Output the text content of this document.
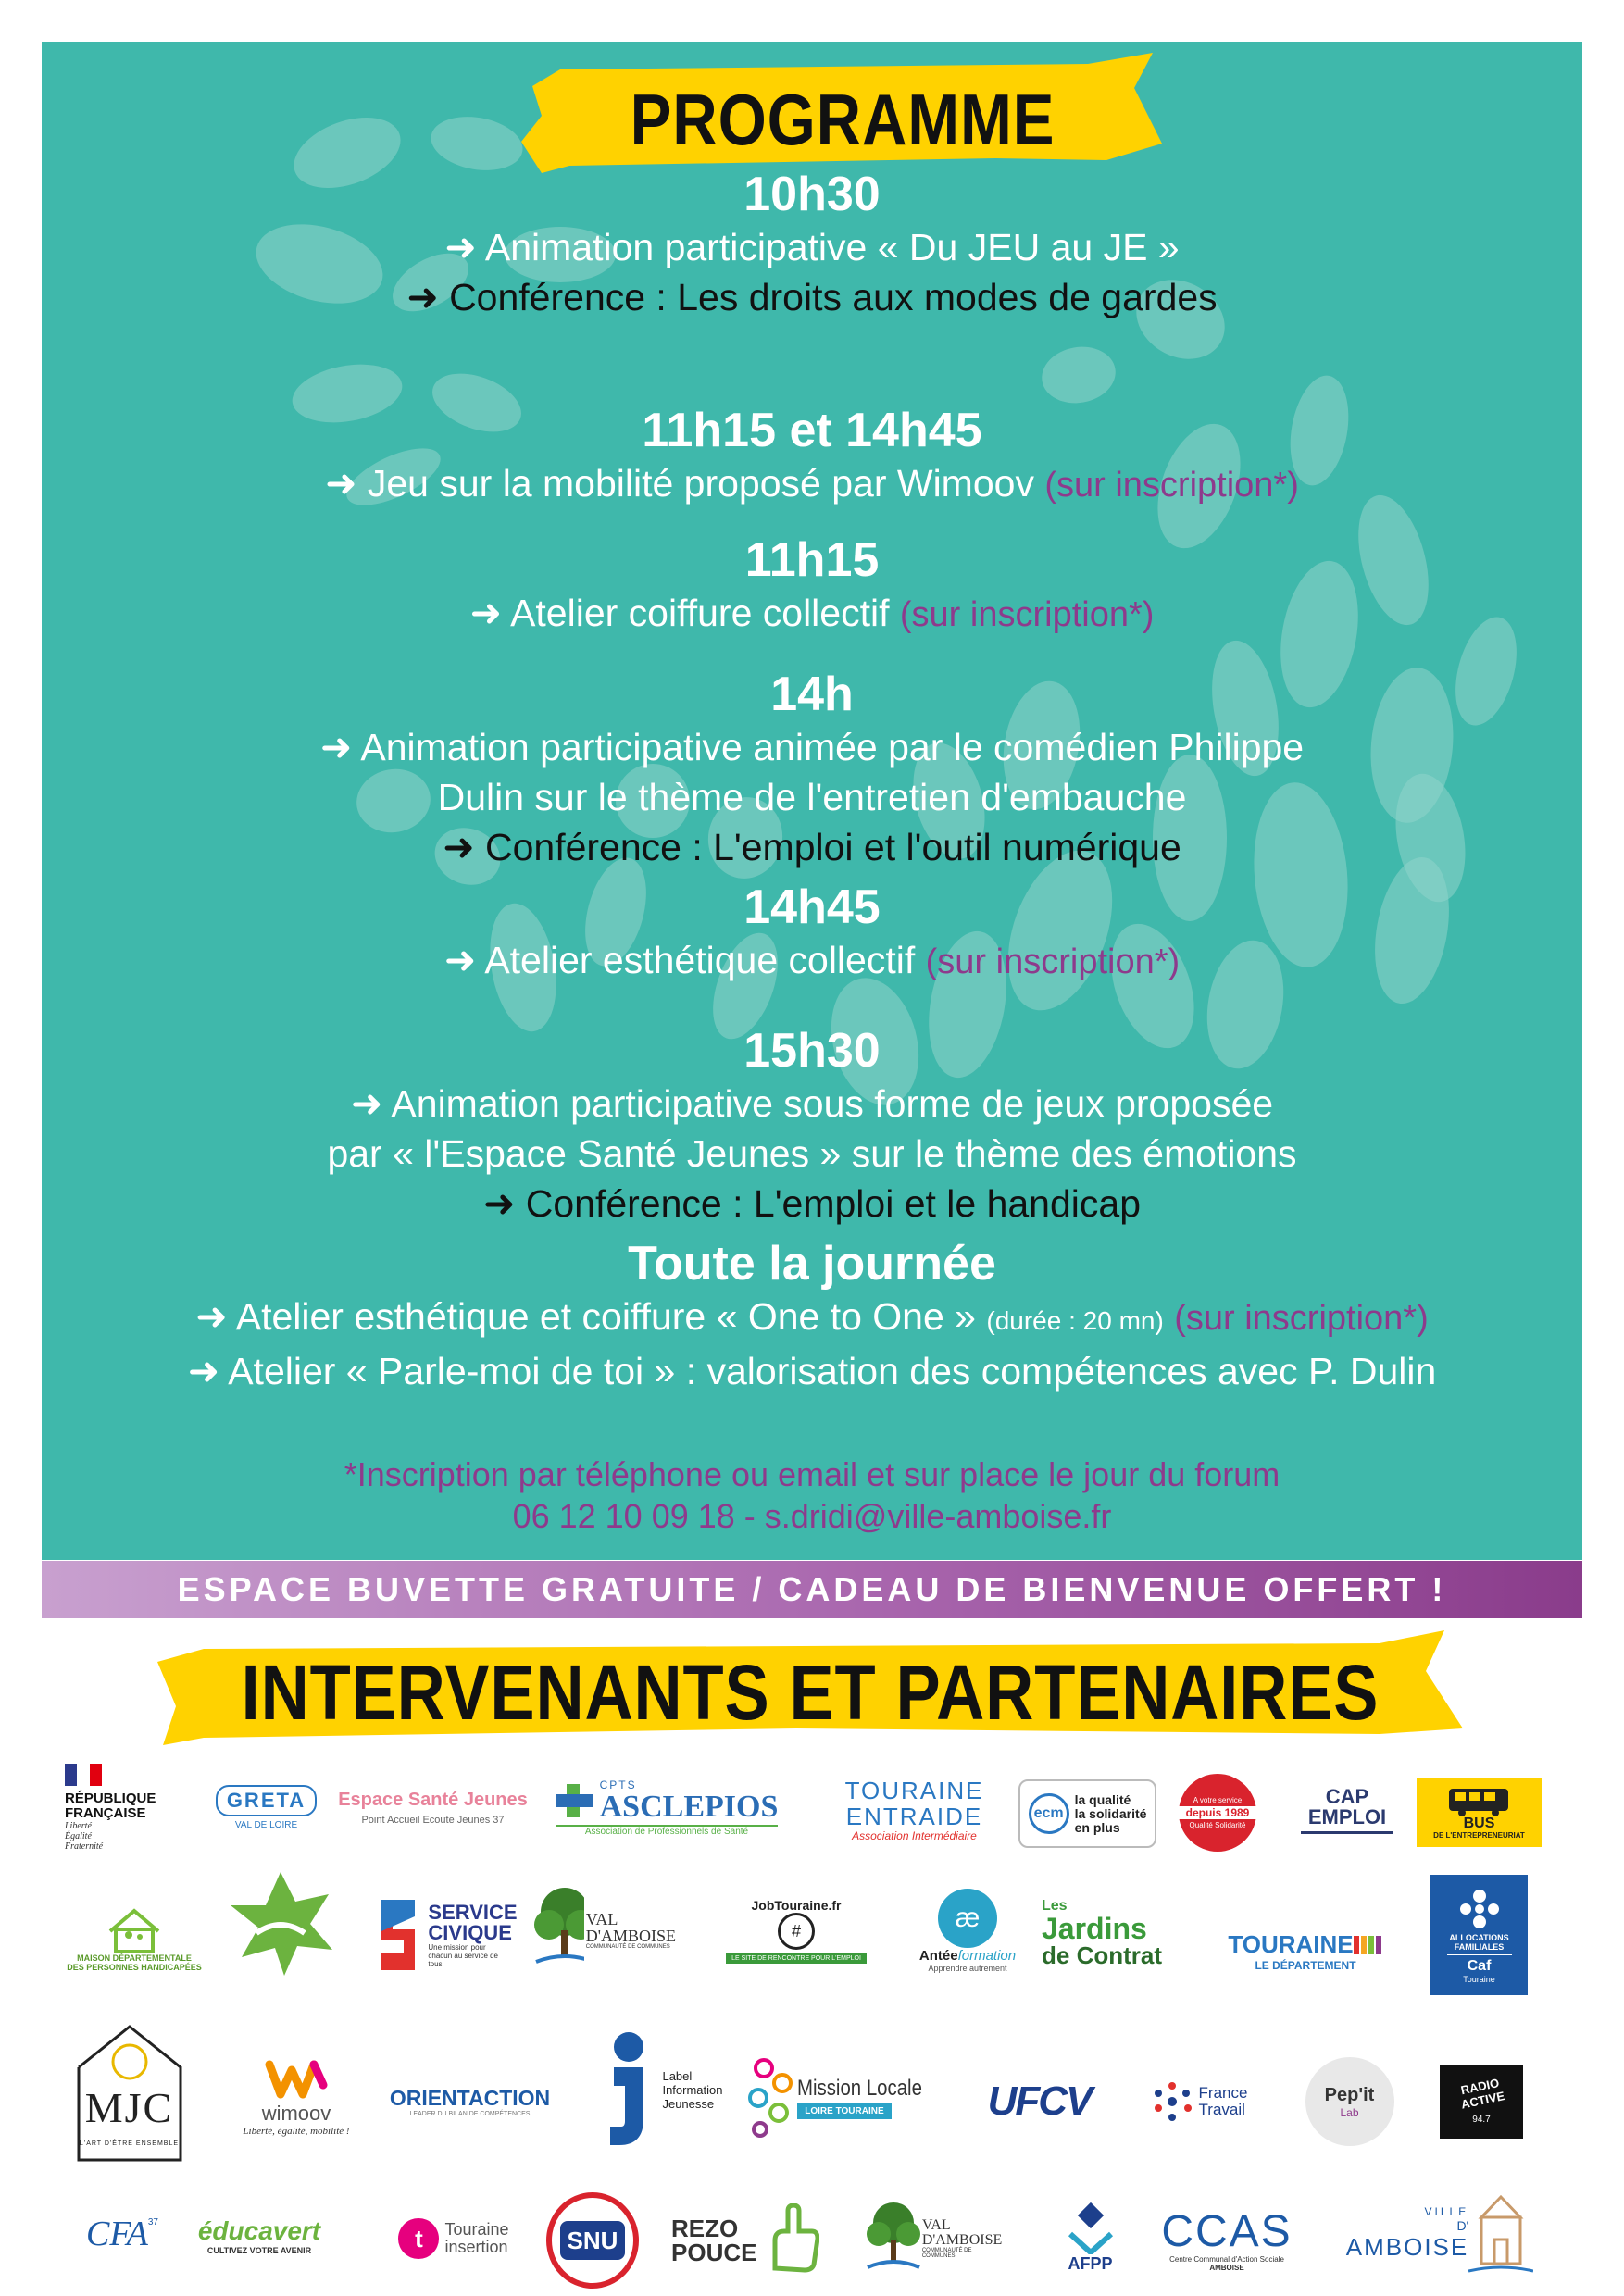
PROGRAMME
10h30
➜ Animation participative « Du JEU au JE »
➜ Conférence : Les droits aux modes de gardes
11h15 et 14h45
➜ Jeu sur la mobilité proposé par Wimoov (sur inscription*)
11h15
➜ Atelier coiffure collectif (sur inscription*)
14h
➜ Animation participative animée par le comédien Philippe
Dulin sur le thème de l'entretien d'embauche
➜ Conférence : L'emploi et l'outil numérique
14h45
➜ Atelier esthétique collectif (sur inscription*)
15h30
➜ Animation participative sous forme de jeux proposée
par « l'Espace Santé Jeunes » sur le thème des émotions
➜ Conférence : L'emploi et le handicap
Toute la journée
➜ Atelier esthétique et coiffure « One to One » (durée : 20 mn) (sur inscription*)
➜ Atelier « Parle-moi de toi » : valorisation des compétences avec P. Dulin
*Inscription par téléphone ou email et sur place le jour du forum
06 12 10 09 18 - s.dridi@ville-amboise.fr
ESPACE BUVETTE GRATUITE / CADEAU DE BIENVENUE OFFERT !
INTERVENANTS ET PARTENAIRES
RÉPUBLIQUE
FRANÇAISE
Liberté
Égalité
Fraternité
GRETA
VAL DE LOIRE
Espace Santé Jeunes
Point Accueil Ecoute Jeunes 37
CPTS
ASCLEPIOS
Association de Professionnels de Santé
TOURAINE
ENTRAIDE
Association Intermédiaire
ecm
la qualité
la solidarité
en plus
A votre service
depuis 1989
Qualité Solidarité
CAP
EMPLOI	BUS
DE L'ENTREPRENEURIAT
MAISON DÉPARTEMENTALE
DES PERSONNES HANDICAPÉES
SERVICE
CIVIQUE
Une mission pour chacun au service de tous
VAL
D'AMBOISE
COMMUNAUTÉ DE COMMUNES
JobTouraine.fr
#
LE SITE DE RENCONTRE POUR L'EMPLOI
æ
Antéeformation
Apprendre autrement
Les
Jardins
de Contrat	TOURAINE
LE DÉPARTEMENT
ALLOCATIONS
FAMILIALES
Caf
Touraine
MJC
L'ART D'ÊTRE ENSEMBLE
wimoov
Liberté, égalité, mobilité !
ORIENTACTION
LEADER DU BILAN DE COMPÉTENCES
Label
Information
Jeunesse
Mission Locale
LOIRE TOURAINE	UFCV	France
Travail
Pep'it
Lab
RADIO ACTIVE
94.7
CFA 37 éducavert
CULTIVEZ VOTRE AVENIR	t	Touraine
insertion SNU REZO
POUCE
VAL
D'AMBOISE
COMMUNAUTÉ DE COMMUNES	AFPP
CCAS
Centre Communal d'Action Sociale
AMBOISE
VILLE
D'
AMBOISE
